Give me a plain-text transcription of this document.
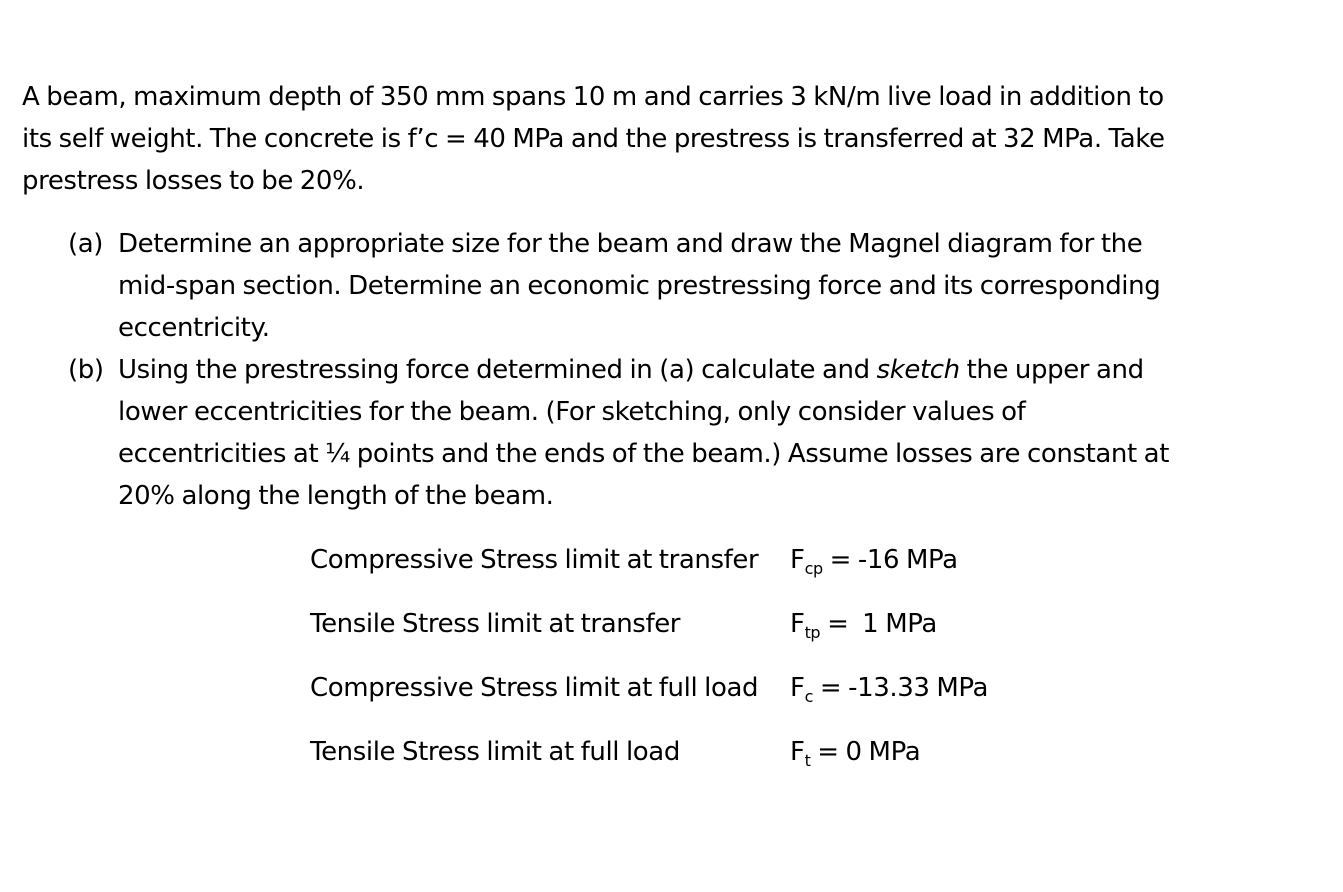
A beam, maximum depth of 350 mm spans 10 m and carries 3 kN/m live load in addition to
its self weight. The concrete is f’c = 40 MPa and the prestress is transferred at 32 MPa. Take
prestress losses to be 20%.
(a) Determine an appropriate size for the beam and draw the Magnel diagram for the
mid-span section. Determine an economic prestressing force and its corresponding
eccentricity.
(b) Using the prestressing force determined in (a) calculate and sketch the upper and
lower eccentricities for the beam. (For sketching, only consider values of
eccentricities at ¼ points and the ends of the beam.) Assume losses are constant at
20% along the length of the beam.
Compressive Stress limit at transfer $F_{cp} = -16$ MPa
Tensile Stress limit at transfer	$F_{tp} = 1$ MPa
Compressive Stress limit at full load $F_c = -13.33$ MPa
Tensile Stress limit at full load	$F_t = 0$ MPa
